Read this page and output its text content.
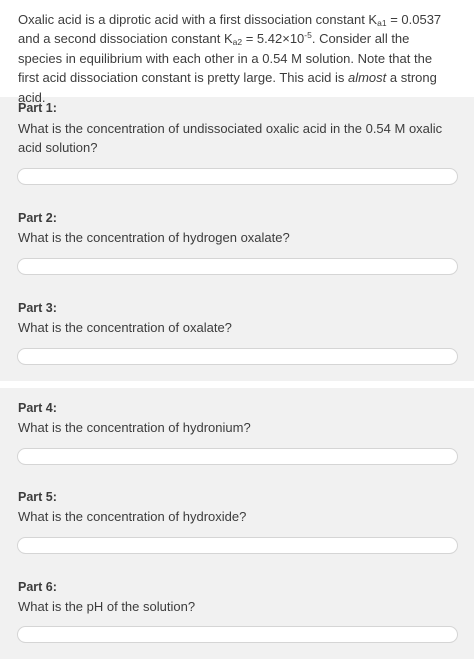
Oxalic acid is a diprotic acid with a first dissociation constant $K_{a1} = 0.0537$ and a second dissociation constant $K_{a2} = 5.42\times 10^{-5}$. Consider all the species in equilibrium with each other in a 0.54 M solution. Note that the first acid dissociation constant is pretty large. This acid is almost a strong acid.
Part 1:
What is the concentration of undissociated oxalic acid in the 0.54 M oxalic acid solution?
Part 2:
What is the concentration of hydrogen oxalate?
Part 3:
What is the concentration of oxalate?
Part 4:
What is the concentration of hydronium?
Part 5:
What is the concentration of hydroxide?
Part 6:
What is the pH of the solution?
